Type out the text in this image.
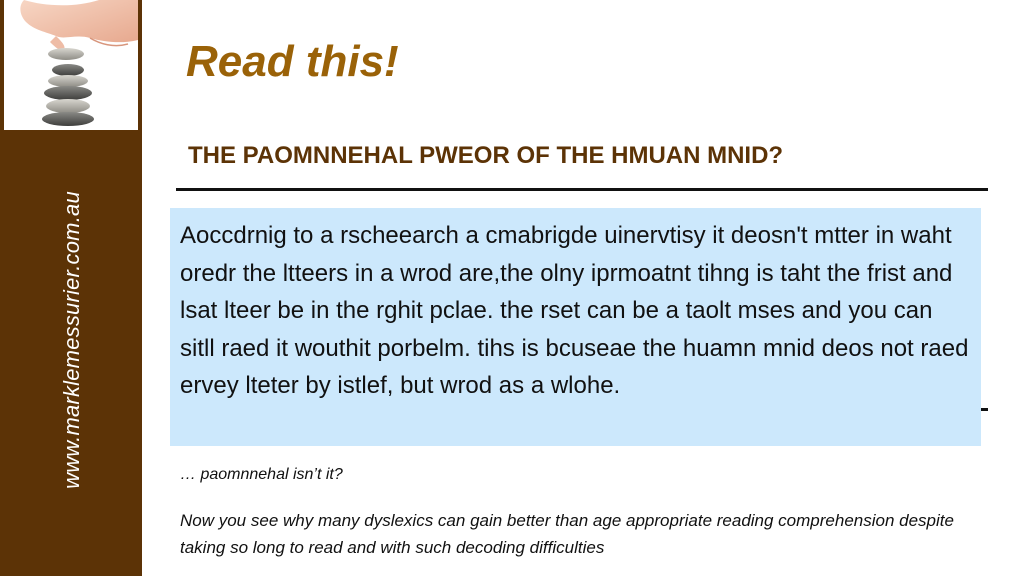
www.marklemessurier.com.au
Read this!
THE PAOMNNEHAL PWEOR OF THE HMUAN MNID?

Aoccdrnig to a rscheearch a cmabrigde uinervtisy it deosn't mtter in waht oredr the ltteers in a wrod are,the olny iprmoatnt tihng is taht the frist and lsat lteer be in the rghit pclae. the rset can be a taolt mses and you can sitll raed it wouthit porbelm. tihs is bcuseae the huamn mnid deos not raed ervey lteter by istlef, but wrod as a wlohe.

… paomnnehal isn’t it?

Now you see why many dyslexics can gain better than age appropriate reading comprehension despite taking so long to read and with such decoding difficulties
